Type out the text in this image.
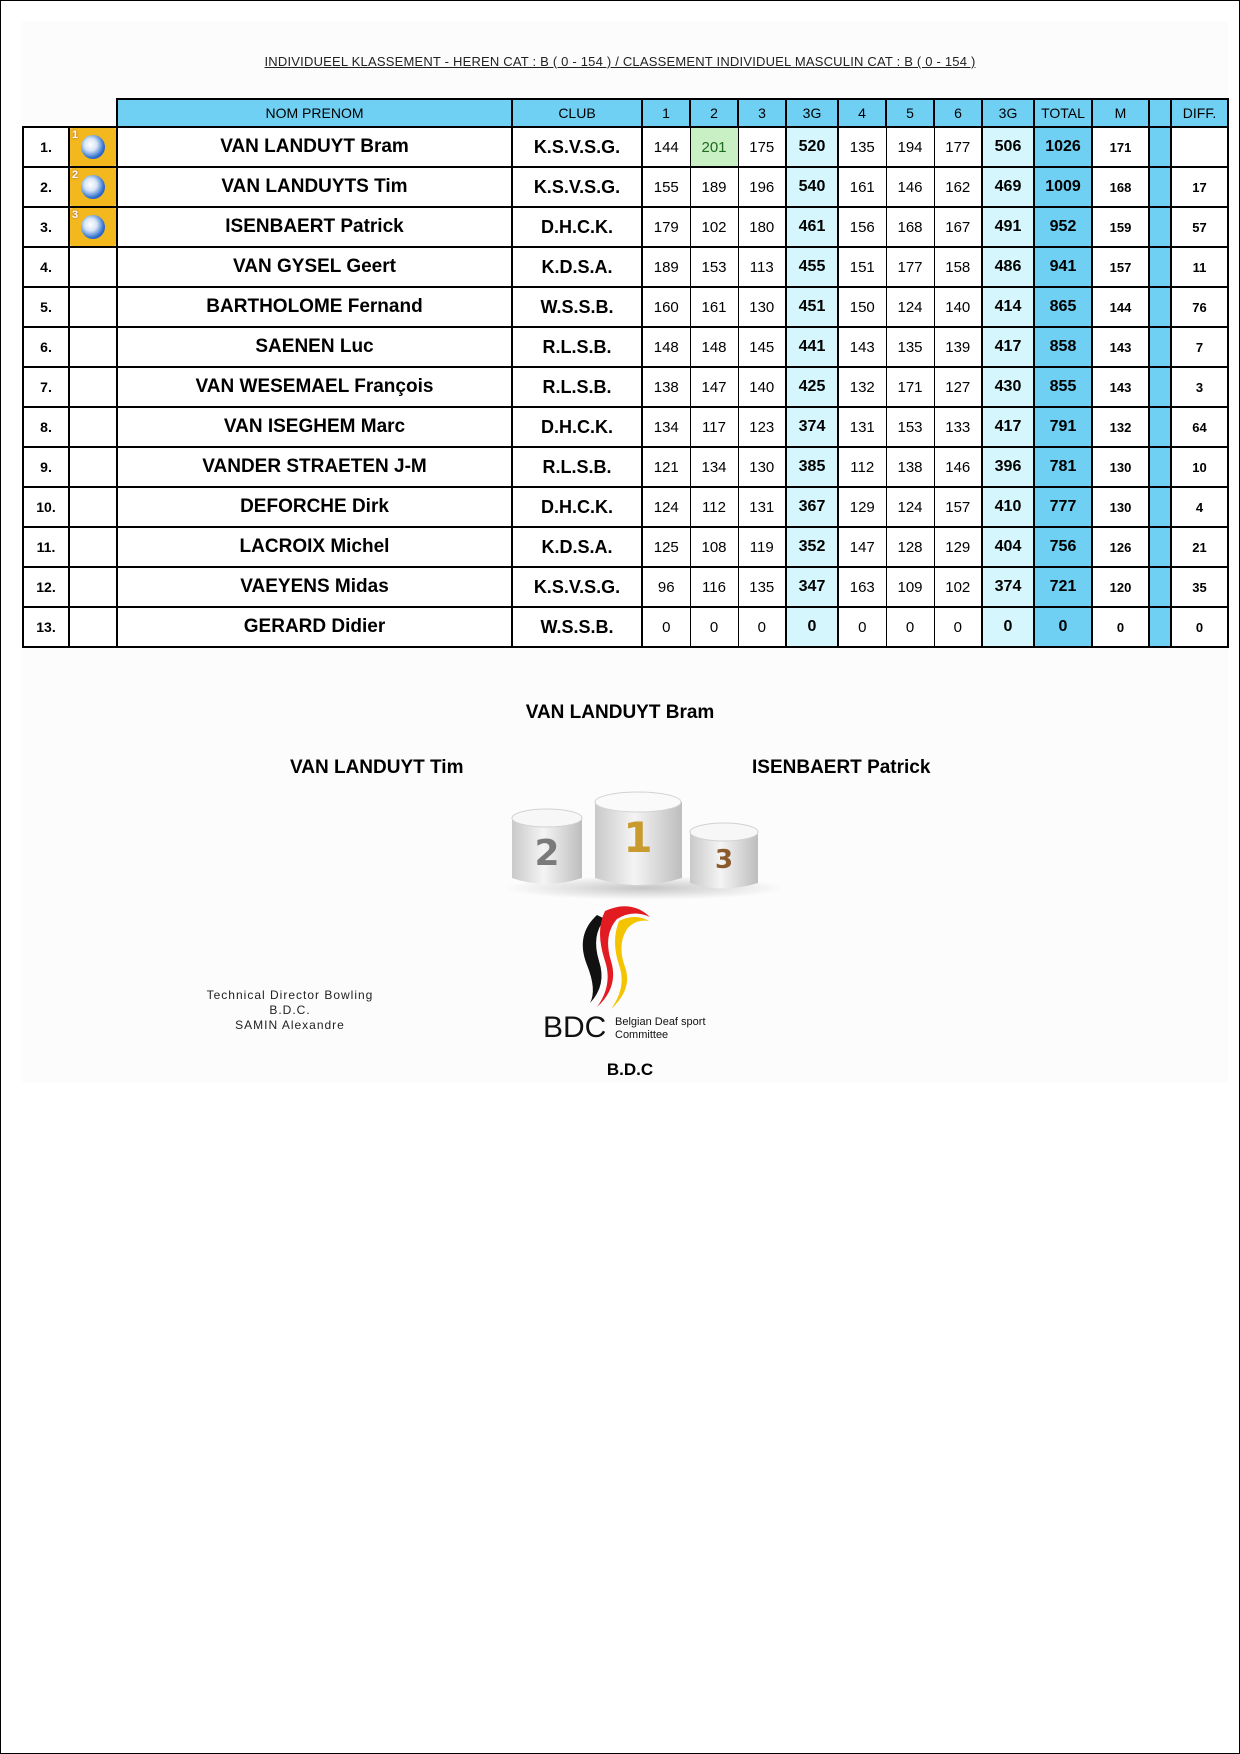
INDIVIDUEEL KLASSEMENT - HEREN CAT : B ( 0 - 154 ) / CLASSEMENT INDIVIDUEL MASCULIN CAT : B ( 0 - 154 )
		NOM PRENOM	CLUB	1	2	3	3G	4	5	6	3G	TOTAL	M		DIFF.
1.	1	VAN LANDUYT Bram	K.S.V.S.G.	144	201	175	520	135	194	177	506	1026	171		
2.	2	VAN LANDUYTS Tim	K.S.V.S.G.	155	189	196	540	161	146	162	469	1009	168		17
3.	3	ISENBAERT Patrick	D.H.C.K.	179	102	180	461	156	168	167	491	952	159		57
4.		VAN GYSEL Geert	K.D.S.A.	189	153	113	455	151	177	158	486	941	157		11
5.		BARTHOLOME Fernand	W.S.S.B.	160	161	130	451	150	124	140	414	865	144		76
6.		SAENEN Luc	R.L.S.B.	148	148	145	441	143	135	139	417	858	143		7
7.		VAN WESEMAEL François	R.L.S.B.	138	147	140	425	132	171	127	430	855	143		3
8.		VAN ISEGHEM Marc	D.H.C.K.	134	117	123	374	131	153	133	417	791	132		64
9.		VANDER STRAETEN J-M	R.L.S.B.	121	134	130	385	112	138	146	396	781	130		10
10.		DEFORCHE Dirk	D.H.C.K.	124	112	131	367	129	124	157	410	777	130		4
11.		LACROIX Michel	K.D.S.A.	125	108	119	352	147	128	129	404	756	126		21
12.		VAEYENS Midas	K.S.V.S.G.	96	116	135	347	163	109	102	374	721	120		35
13.		GERARD Didier	W.S.S.B.	0	0	0	0	0	0	0	0	0	0		0
VAN LANDUYT Bram
VAN LANDUYT Tim	ISENBAERT Patrick
2 1 3
Technical Director Bowling
B.D.C.
SAMIN Alexandre	BDC Belgian Deaf sport
Committee
B.D.C
